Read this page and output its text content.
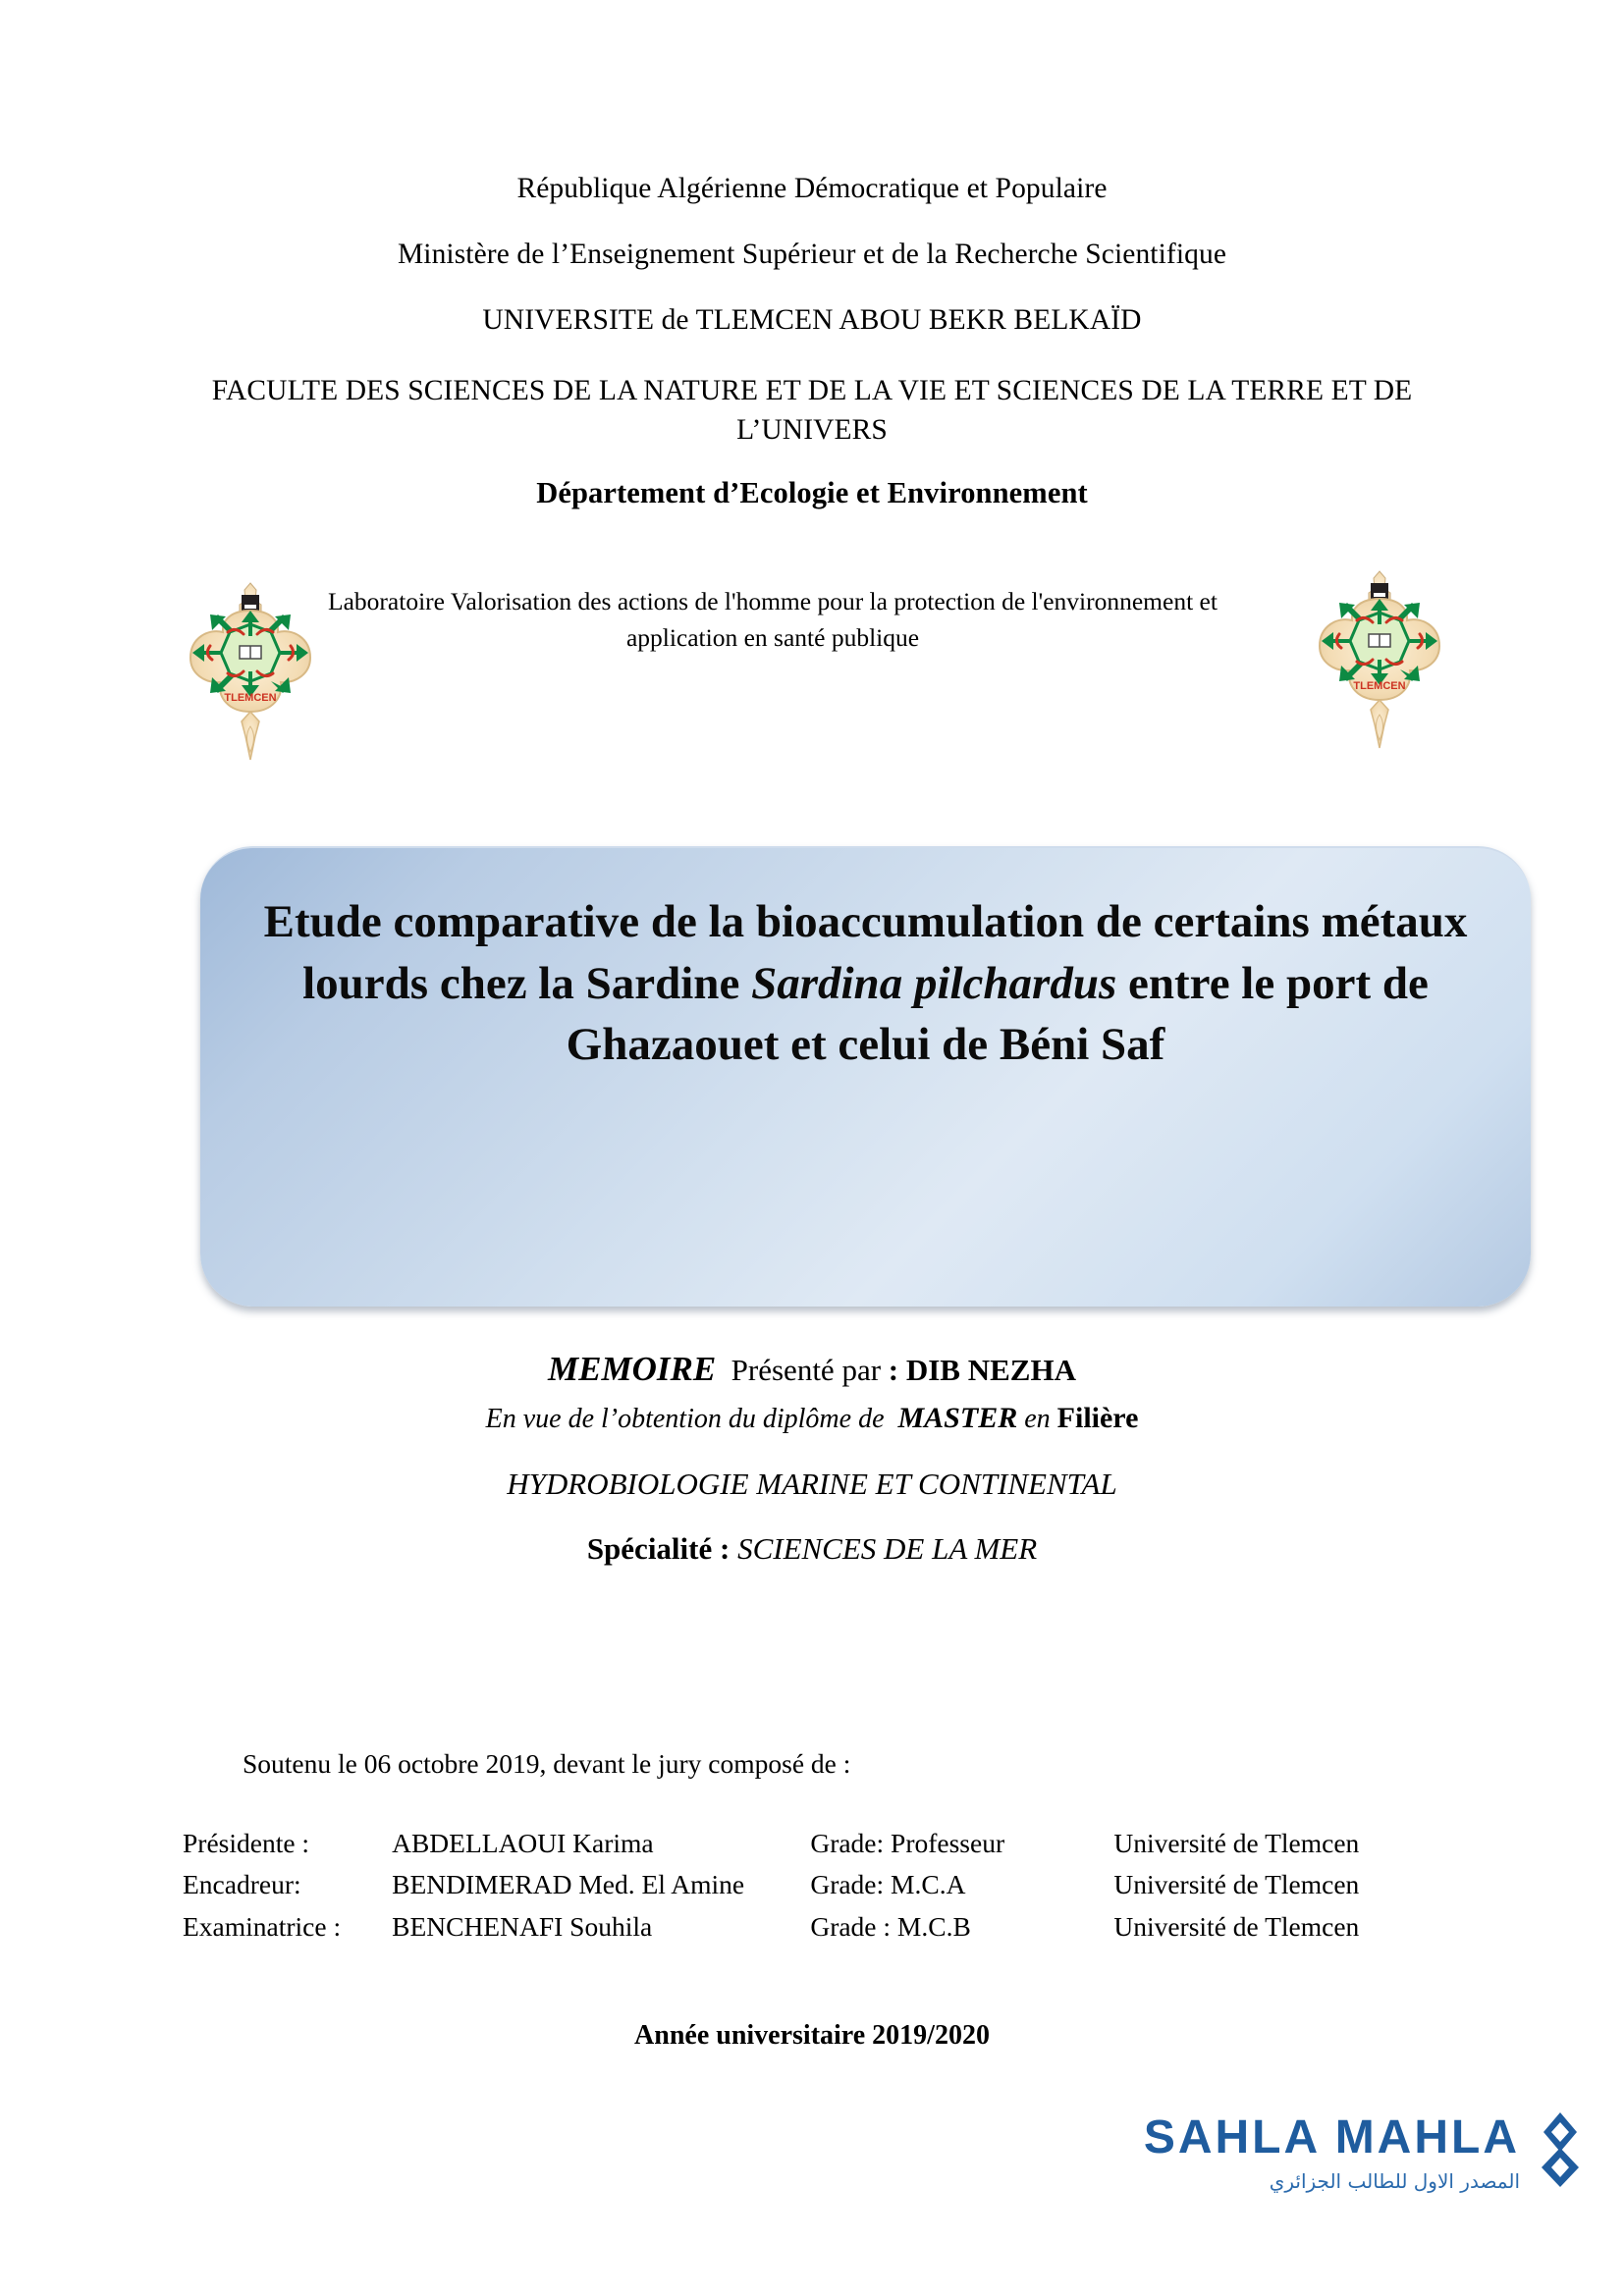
République Algérienne Démocratique et Populaire
Ministère de l’Enseignement Supérieur et de la Recherche Scientifique
UNIVERSITE de TLEMCEN ABOU BEKR BELKAÏD
FACULTE DES SCIENCES DE LA NATURE ET DE LA VIE ET SCIENCES DE LA TERRE ET DE L’UNIVERS
Département d’Ecologie et Environnement
Laboratoire Valorisation des actions de l'homme pour la protection de l'environnement et application en santé publique
TLEMCEN
TLEMCEN
Etude comparative de la bioaccumulation de certains métaux lourds chez la Sardine Sardina pilchardus entre le port de Ghazaouet et celui de Béni Saf
MEMOIRE Présenté par : DIB NEZHA
En vue de l’obtention du diplôme de MASTER en Filière
HYDROBIOLOGIE MARINE ET CONTINENTAL
Spécialité : SCIENCES DE LA MER
Soutenu le 06 octobre 2019, devant le jury composé de :
Présidente :	ABDELLAOUI Karima	Grade: Professeur	Université de Tlemcen
Encadreur:	BENDIMERAD Med. El Amine	Grade: M.C.A	Université de Tlemcen
Examinatrice :	BENCHENAFI Souhila	Grade : M.C.B	Université de Tlemcen
Année universitaire 2019/2020
SAHLA MAHLA
المصدر الاول للطالب الجزائري
